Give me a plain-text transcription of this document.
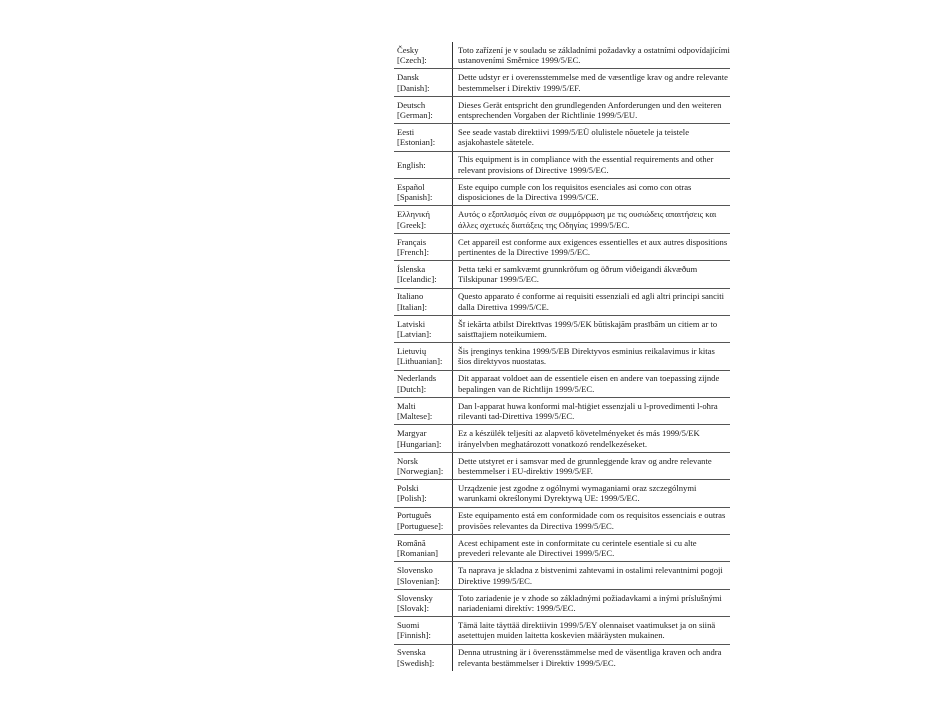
Česky
[Czech]:
Toto zařízení je v souladu se základními požadavky a ostatními odpovídajícími ustanoveními Směrnice 1999/5/EC.
Dansk
[Danish]:
Dette udstyr er i overensstemmelse med de væsentlige krav og andre relevante bestemmelser i Direktiv 1999/5/EF.
Deutsch
[German]:
Dieses Gerät entspricht den grundlegenden Anforderungen und den weiteren entsprechenden Vorgaben der Richtlinie 1999/5/EU.
Eesti
[Estonian]:
See seade vastab direktiivi 1999/5/EÜ olulistele nõuetele ja teistele asjakohastele sätetele.
English:
This equipment is in compliance with the essential requirements and other relevant provisions of Directive 1999/5/EC.
Español
[Spanish]:
Este equipo cumple con los requisitos esenciales asi como con otras disposiciones de la Directiva 1999/5/CE.
Ελληνική
[Greek]:
Αυτός ο εξοπλισμός είναι σε συμμόρφωση με τις ουσιώδεις απαιτήσεις και άλλες σχετικές διατάξεις της Οδηγίας 1999/5/EC.
Français
[French]:
Cet appareil est conforme aux exigences essentielles et aux autres dispositions pertinentes de la Directive 1999/5/EC.
Íslenska
[Icelandic]:
Þetta tæki er samkvæmt grunnkröfum og öðrum viðeigandi ákvæðum Tilskipunar 1999/5/EC.
Italiano
[Italian]:
Questo apparato é conforme ai requisiti essenziali ed agli altri principi sanciti dalla Direttiva 1999/5/CE.
Latviski
[Latvian]:
Šī iekārta atbilst Direktīvas 1999/5/EK būtiskajām prasībām un citiem ar to saistītajiem noteikumiem.
Lietuvių
[Lithuanian]:
Šis įrenginys tenkina 1999/5/EB Direktyvos esminius reikalavimus ir kitas šios direktyvos nuostatas.
Nederlands
[Dutch]:
Dit apparaat voldoet aan de essentiele eisen en andere van toepassing zijnde bepalingen van de Richtlijn 1999/5/EC.
Malti
[Maltese]:
Dan l-apparat huwa konformi mal-ħtiġiet essenzjali u l-provedimenti l-oħra rilevanti tad-Direttiva 1999/5/EC.
Margyar
[Hungarian]:
Ez a készülék teljesíti az alapvető követelményeket és más 1999/5/EK irányelvben meghatározott vonatkozó rendelkezéseket.
Norsk
[Norwegian]:
Dette utstyret er i samsvar med de grunnleggende krav og andre relevante bestemmelser i EU-direktiv 1999/5/EF.
Polski
[Polish]:
Urządzenie jest zgodne z ogólnymi wymaganiami oraz szczególnymi warunkami określonymi Dyrektywą UE: 1999/5/EC.
Português
[Portuguese]:
Este equipamento está em conformidade com os requisitos essenciais e outras provisões relevantes da Directiva 1999/5/EC.
Română
[Romanian]
Acest echipament este in conformitate cu cerintele esentiale si cu alte prevederi relevante ale Directivei 1999/5/EC.
Slovensko
[Slovenian]:
Ta naprava je skladna z bistvenimi zahtevami in ostalimi relevantnimi pogoji Direktive 1999/5/EC.
Slovensky
[Slovak]:
Toto zariadenie je v zhode so základnými požiadavkami a inými príslušnými nariadeniami direktív: 1999/5/EC.
Suomi
[Finnish]:
Tämä laite täyttää direktiivin 1999/5/EY olennaiset vaatimukset ja on siinä asetettujen muiden laitetta koskevien määräysten mukainen.
Svenska
[Swedish]:
Denna utrustning är i överensstämmelse med de väsentliga kraven och andra relevanta bestämmelser i Direktiv 1999/5/EC.
